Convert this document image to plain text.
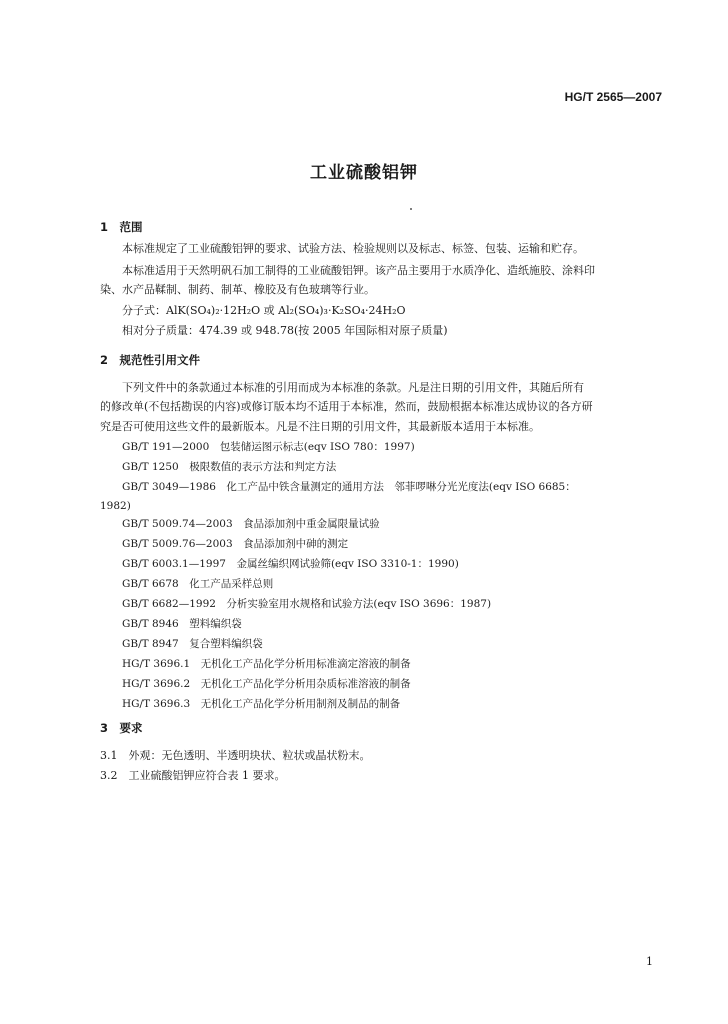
HG/T 2565—2007
工业硫酸铝钾
1　范围
本标准规定了工业硫酸铝钾的要求、试验方法、检验规则以及标志、标签、包装、运输和贮存。
本标准适用于天然明矾石加工制得的工业硫酸铝钾。该产品主要用于水质净化、造纸施胶、涂料印
染、水产品鞣制、制药、制革、橡胶及有色玻璃等行业。
分子式：AlK(SO₄)₂·12H₂O 或 Al₂(SO₄)₃·K₂SO₄·24H₂O
相对分子质量：474.39 或 948.78(按 2005 年国际相对原子质量)
2　规范性引用文件
下列文件中的条款通过本标准的引用而成为本标准的条款。凡是注日期的引用文件，其随后所有
的修改单(不包括勘误的内容)或修订版本均不适用于本标准，然而，鼓励根据本标准达成协议的各方研
究是否可使用这些文件的最新版本。凡是不注日期的引用文件，其最新版本适用于本标准。
GB/T 191—2000　包装储运图示标志(eqv ISO 780：1997)
GB/T 1250　极限数值的表示方法和判定方法
GB/T 3049—1986　化工产品中铁含量测定的通用方法　邻菲啰啉分光光度法(eqv ISO 6685：
1982)
GB/T 5009.74—2003　食品添加剂中重金属限量试验
GB/T 5009.76—2003　食品添加剂中砷的测定
GB/T 6003.1—1997　金属丝编织网试验筛(eqv ISO 3310-1：1990)
GB/T 6678　化工产品采样总则
GB/T 6682—1992　分析实验室用水规格和试验方法(eqv ISO 3696：1987)
GB/T 8946　塑料编织袋
GB/T 8947　复合塑料编织袋
HG/T 3696.1　无机化工产品化学分析用标准滴定溶液的制备
HG/T 3696.2　无机化工产品化学分析用杂质标准溶液的制备
HG/T 3696.3　无机化工产品化学分析用制剂及制品的制备
3　要求
3.1　外观：无色透明、半透明块状、粒状或晶状粉末。
3.2　工业硫酸铝钾应符合表 1 要求。
1
